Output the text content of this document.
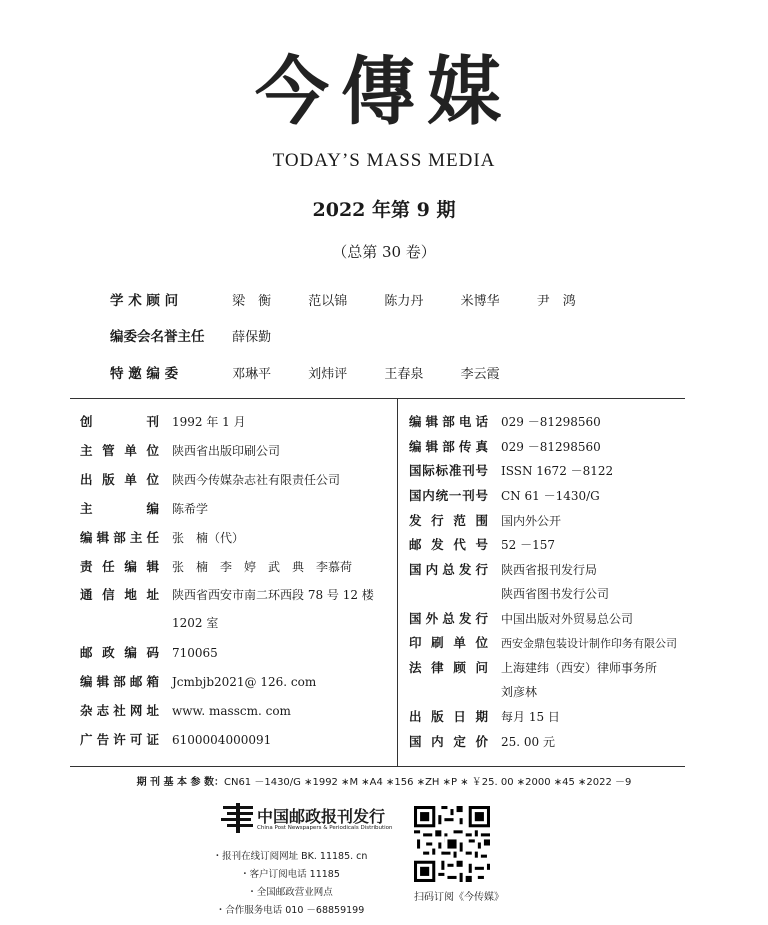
今傳媒
TODAY’S MASS MEDIA
2022 年第 9 期
（总第 30 卷）
学 术 顾 问	梁　衡	范以锦	陈力丹	米博华	尹　鸿
编委会名誉主任 薛保勤
特 邀 编 委	邓琳平	刘炜评	王春泉	李云霞
创 刊 1992 年 1 月
主管单位 陕西省出版印刷公司
出版单位 陕西今传媒杂志社有限责任公司
主 编 陈希学
编辑部主任 张　楠（代）
责任编辑 张　楠　李　婷　武　典　李慕荷
通信地址 陕西省西安市南二环西段 78 号 12 楼
1202 室
邮政编码 710065
编辑部邮箱 Jcmbjb2021@ 126. com
杂志社网址 www. masscm. com
广告许可证 6100004000091
编辑部电话 029 －81298560
编辑部传真 029 －81298560
国际标准刊号 ISSN 1672 －8122
国内统一刊号 CN 61 －1430/G
发行范围 国内外公开
邮发代号 52 －157
国内总发行 陕西省报刊发行局
陕西省图书发行公司
国外总发行 中国出版对外贸易总公司
印刷单位 西安金鼎包装设计制作印务有限公司
法律顾问 上海建纬（西安）律师事务所
刘彦林
出版日期 每月 15 日
国内定价 25. 00 元
期 刊 基 本 参 数：CN61 －1430/G ∗1992 ∗M ∗A4 ∗156 ∗ZH ∗P ∗ ￥25. 00 ∗2000 ∗45 ∗2022 －9
中国邮政报刊发行
China Post Newspapers & Periodicals Distribution
・报刊在线订阅网址 BK. 11185. cn
・客户订阅电话 11185
・全国邮政营业网点
・合作服务电话 010 －68859199
扫码订阅《今传媒》
